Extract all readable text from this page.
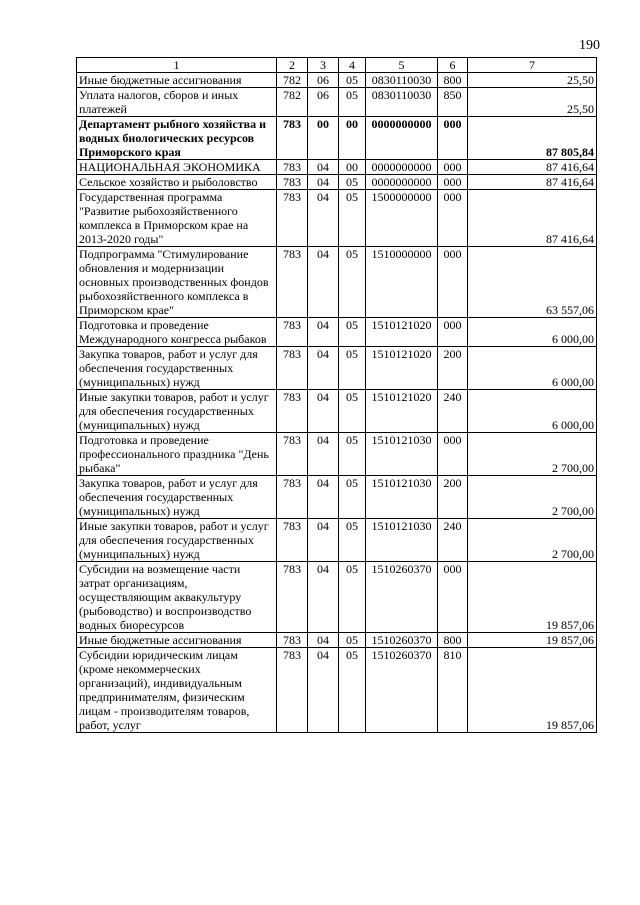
190
1	2	3	4	5	6	7
Иные бюджетные ассигнования	782	06	05	0830110030	800	25,50
Уплата налогов, сборов и иных платежей	782	06	05	0830110030	850	25,50
Департамент рыбного хозяйства и водных биологических ресурсов Приморского края	783	00	00	0000000000	000	87 805,84
НАЦИОНАЛЬНАЯ ЭКОНОМИКА	783	04	00	0000000000	000	87 416,64
Сельское хозяйство и рыболовство	783	04	05	0000000000	000	87 416,64
Государственная программа "Развитие рыбохозяйственного комплекса в Приморском крае на 2013-2020 годы"	783	04	05	1500000000	000	87 416,64
Подпрограмма "Стимулирование обновления и модернизации основных производственных фондов рыбохозяйственного комплекса в Приморском крае"	783	04	05	1510000000	000	63 557,06
Подготовка и проведение Международного конгресса рыбаков	783	04	05	1510121020	000	6 000,00
Закупка товаров, работ и услуг для обеспечения государственных (муниципальных) нужд	783	04	05	1510121020	200	6 000,00
Иные закупки товаров, работ и услуг для обеспечения государственных (муниципальных) нужд	783	04	05	1510121020	240	6 000,00
Подготовка и проведение профессионального праздника "День рыбака"	783	04	05	1510121030	000	2 700,00
Закупка товаров, работ и услуг для обеспечения государственных (муниципальных) нужд	783	04	05	1510121030	200	2 700,00
Иные закупки товаров, работ и услуг для обеспечения государственных (муниципальных) нужд	783	04	05	1510121030	240	2 700,00
Субсидии на возмещение части затрат организациям, осуществляющим аквакультуру (рыбоводство) и воспроизводство водных биоресурсов	783	04	05	1510260370	000	19 857,06
Иные бюджетные ассигнования	783	04	05	1510260370	800	19 857,06
Субсидии юридическим лицам (кроме некоммерческих организаций), индивидуальным предпринимателям, физическим лицам - производителям товаров, работ, услуг	783	04	05	1510260370	810	19 857,06
